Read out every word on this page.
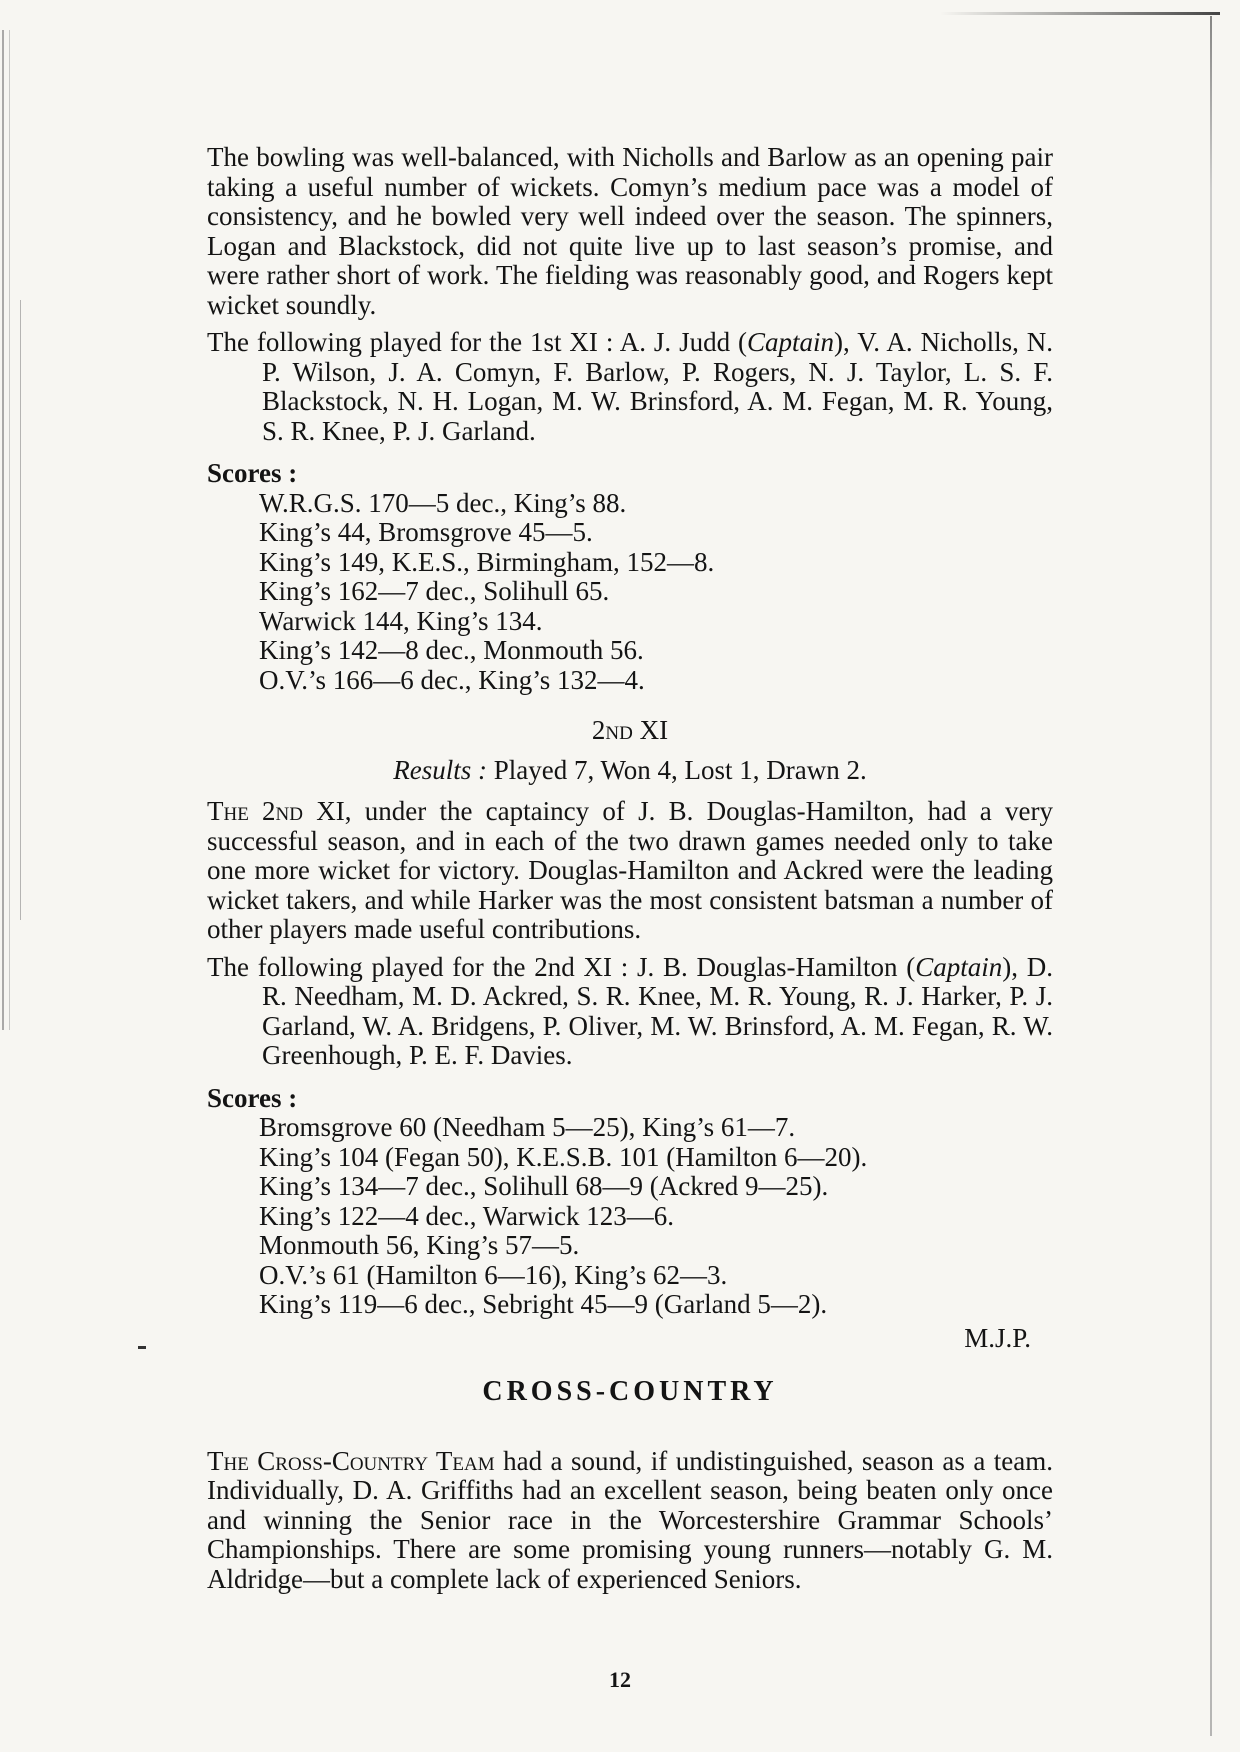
The bowling was well-balanced, with Nicholls and Barlow as an opening pair taking a useful number of wickets. Comyn’s medium pace was a model of consistency, and he bowled very well indeed over the season. The spinners, Logan and Blackstock, did not quite live up to last season’s promise, and were rather short of work. The fielding was reasonably good, and Rogers kept wicket soundly.

The following played for the 1st XI : A. J. Judd (Captain), V. A. Nicholls, N. P. Wilson, J. A. Comyn, F. Barlow, P. Rogers, N. J. Taylor, L. S. F. Blackstock, N. H. Logan, M. W. Brinsford, A. M. Fegan, M. R. Young, S. R. Knee, P. J. Garland.

Scores :
W.R.G.S. 170—5 dec., King’s 88.
King’s 44, Bromsgrove 45—5.
King’s 149, K.E.S., Birmingham, 152—8.
King’s 162—7 dec., Solihull 65.
Warwick 144, King’s 134.
King’s 142—8 dec., Monmouth 56.
O.V.’s 166—6 dec., King’s 132—4.
2nd XI
Results : Played 7, Won 4, Lost 1, Drawn 2.

The 2nd XI, under the captaincy of J. B. Douglas-Hamilton, had a very successful season, and in each of the two drawn games needed only to take one more wicket for victory. Douglas-Hamilton and Ackred were the leading wicket takers, and while Harker was the most consistent batsman a number of other players made useful contributions.

The following played for the 2nd XI : J. B. Douglas-Hamilton (Captain), D. R. Needham, M. D. Ackred, S. R. Knee, M. R. Young, R. J. Harker, P. J. Garland, W. A. Bridgens, P. Oliver, M. W. Brinsford, A. M. Fegan, R. W. Greenhough, P. E. F. Davies.

Scores :
Bromsgrove 60 (Needham 5—25), King’s 61—7.
King’s 104 (Fegan 50), K.E.S.B. 101 (Hamilton 6—20).
King’s 134—7 dec., Solihull 68—9 (Ackred 9—25).
King’s 122—4 dec., Warwick 123—6.
Monmouth 56, King’s 57—5.
O.V.’s 61 (Hamilton 6—16), King’s 62—3.
King’s 119—6 dec., Sebright 45—9 (Garland 5—2).
M.J.P.
CROSS-COUNTRY

The Cross-Country Team had a sound, if undistinguished, season as a team. Individually, D. A. Griffiths had an excellent season, being beaten only once and winning the Senior race in the Worcestershire Grammar Schools’ Championships. There are some promising young runners—notably G. M. Aldridge—but a complete lack of experienced Seniors.

12
